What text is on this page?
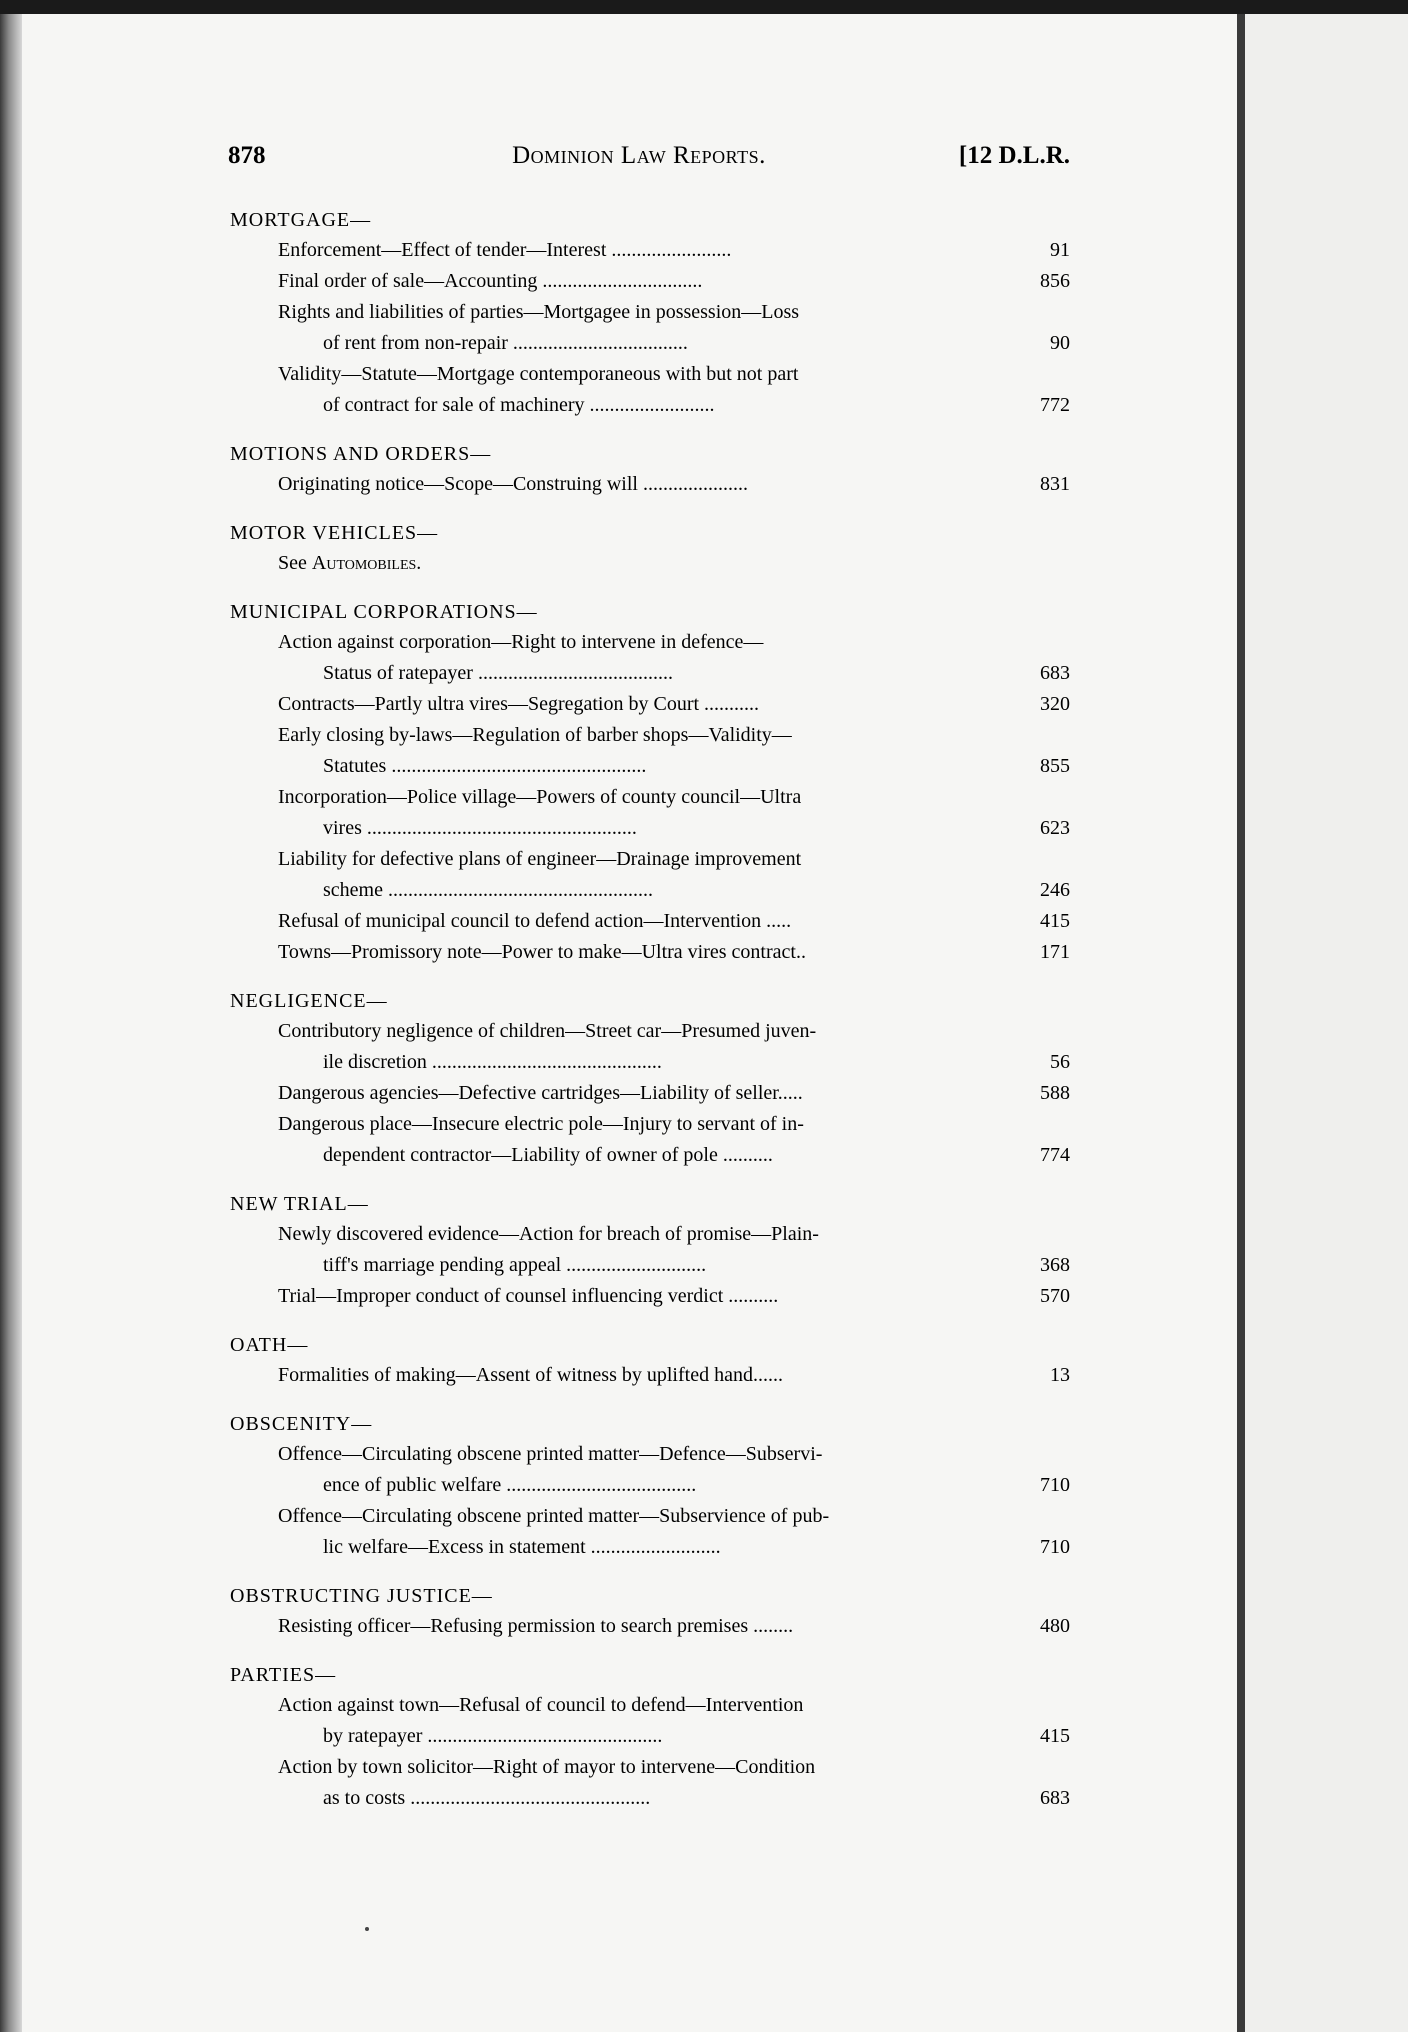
878	Dominion Law Reports.	[12 D.L.R.
MORTGAGE—
Enforcement—Effect of tender—Interest ........................	91
Final order of sale—Accounting ................................	856
Rights and liabilities of parties—Mortgagee in possession—Loss
of rent from non-repair ...................................	90
Validity—Statute—Mortgage contemporaneous with but not part
of contract for sale of machinery .........................	772
MOTIONS AND ORDERS—
Originating notice—Scope—Construing will .....................	831
MOTOR VEHICLES—
See Automobiles.
MUNICIPAL CORPORATIONS—
Action against corporation—Right to intervene in defence—
Status of ratepayer .......................................	683
Contracts—Partly ultra vires—Segregation by Court ...........	320
Early closing by-laws—Regulation of barber shops—Validity—
Statutes ...................................................	855
Incorporation—Police village—Powers of county council—Ultra
vires ......................................................	623
Liability for defective plans of engineer—Drainage improvement
scheme .....................................................	246
Refusal of municipal council to defend action—Intervention .....	415
Towns—Promissory note—Power to make—Ultra vires contract..	171
NEGLIGENCE—
Contributory negligence of children—Street car—Presumed juven-
ile discretion ..............................................	56
Dangerous agencies—Defective cartridges—Liability of seller.....	588
Dangerous place—Insecure electric pole—Injury to servant of in-
dependent contractor—Liability of owner of pole ..........	774
NEW TRIAL—
Newly discovered evidence—Action for breach of promise—Plain-
tiff's marriage pending appeal ............................	368
Trial—Improper conduct of counsel influencing verdict ..........	570
OATH—
Formalities of making—Assent of witness by uplifted hand......	13
OBSCENITY—
Offence—Circulating obscene printed matter—Defence—Subservi-
ence of public welfare ......................................	710
Offence—Circulating obscene printed matter—Subservience of pub-
lic welfare—Excess in statement ..........................	710
OBSTRUCTING JUSTICE—
Resisting officer—Refusing permission to search premises ........	480
PARTIES—
Action against town—Refusal of council to defend—Intervention
by ratepayer ...............................................	415
Action by town solicitor—Right of mayor to intervene—Condition
as to costs ................................................	683
